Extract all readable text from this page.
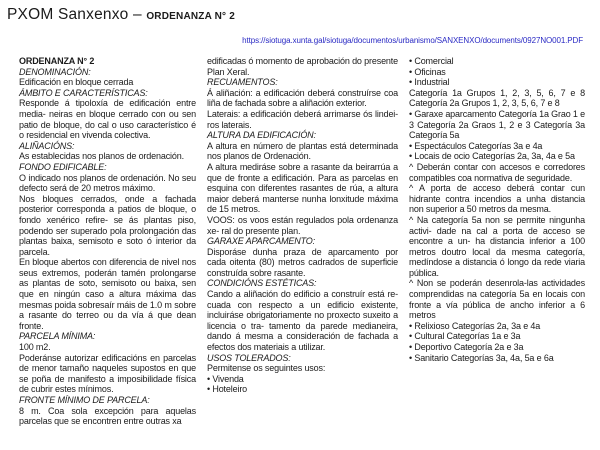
PXOM Sanxenxo – ORDENANZA N° 2
https://siotuga.xunta.gal/siotuga/documentos/urbanismo/SANXENXO/documents/0927NO001.PDF

ORDENANZA N° 2

DENOMINACIÓN:

Edificación en bloque cerrada

ÁMBITO E CARACTERÍSTICAS:

Responde á tipoloxía de edificación entre media- neiras en bloque cerrado con ou sen patio de bloque, do cal o uso característico é o residencial en vivenda colectiva.

ALIÑACIÓNS:

As establecidas nos planos de ordenación.

FONDO EDIFICABLE:

O indicado nos planos de ordenación. No seu defecto será de 20 metros máximo.

Nos bloques cerrados, onde a fachada posterior corresponda a patios de bloque, o fondo xenérico refire- se ás plantas piso, podendo ser superado pola prolongación das plantas baixa, semisoto e soto ó interior da parcela.

En bloque abertos con diferencia de nivel nos seus extremos, poderán tamén prolongarse as plantas de soto, semisoto ou baixa, sen que en ningún caso a altura máxima das mesmas poida sobresaír máis de 1.0 m sobre a rasante do terreo ou da vía á que dean fronte.

PARCELA MÍNIMA:

100 m2.

Poderánse autorizar edificacións en parcelas de menor tamaño naqueles supostos en que se poña de manifesto a imposibilidade física de cubrir estes mínimos.

FRONTE MÍNIMO DE PARCELA:

8 m. Coa sola excepción para aquelas parcelas que se encontren entre outras xa

edificadas ó momento de aprobación do presente Plan Xeral.

RECUAMENTOS:

Á aliñación: a edificación deberá construírse coa liña de fachada sobre a aliñación exterior.

Laterais: a edificación deberá arrimarse ós lindei- ros laterais.

ALTURA DA EDIFICACIÓN:

A altura en número de plantas está determinada nos planos de Ordenación.

A altura mediráse sobre a rasante da beirarrúa a que de fronte a edificación. Para as parcelas en esquina con diferentes rasantes de rúa, a altura maior deberá manterse nunha lonxitude máxima de 15 metros.

VOOS: os voos están regulados pola ordenanza xe- ral do presente plan.

GARAXE APARCAMENTO:

Disporáse dunha praza de aparcamento por cada oitenta (80) metros cadrados de superficie construída sobre rasante.

CONDICIÓNS ESTÉTICAS:

Cando a aliñación do edificio a construír está re- cuada con respecto a un edificio existente, incluiráse obrigatoriamente no proxecto suxeito a licencia o tra- tamento da parede medianeira, dando á mesma a consideración de fachada a efectos dos materiais a utilizar.

USOS TOLERADOS:

Permitense os seguintes usos:

• Vivenda

• Hoteleiro

• Comercial

• Oficinas

• Industrial

Categoría 1a Grupos 1, 2, 3, 5, 6, 7 e 8 Categoría 2a Grupos 1, 2, 3, 5, 6, 7 e 8

• Garaxe aparcamento Categoría 1a Grao 1 e 3 Categoría 2a Graos 1, 2 e 3 Categoría 3a Categoría 5a

• Espectáculos Categorías 3a e 4a

• Locais de ocio Categorías 2a, 3a, 4a e 5a

^ Deberán contar con accesos e corredores compatibles coa normativa de seguridade.

^ A porta de acceso deberá contar cun hidrante contra incendios a unha distancia non superior a 50 metros da mesma.

^ Na categoría 5a non se permite ningunha activi- dade na cal a porta de acceso se encontre a un- ha distancia inferior a 100 metros doutro local da mesma categoría, medíndose a distancia ó longo da rede viaria pública.

^ Non se poderán desenrola-las actividades comprendidas na categoría 5a en locais con fronte a vía pública de ancho inferior a 6 metros

• Relixioso Categorías 2a, 3a e 4a

• Cultural Categorías 1a e 3a

• Deportivo Categoría 2a e 3a

• Sanitario Categorías 3a, 4a, 5a e 6a
